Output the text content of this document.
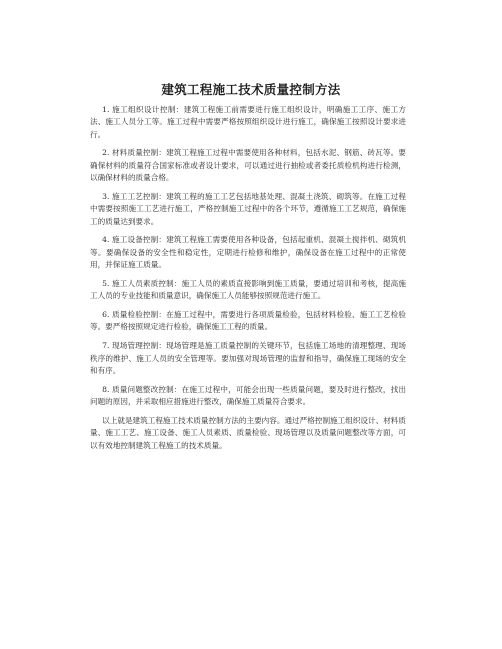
建筑工程施工技术质量控制方法

1. 施工组织设计控制：建筑工程施工前需要进行施工组织设计，明确施工工序、施工方法、施工人员分工等。施工过程中需要严格按照组织设计进行施工，确保施工按照设计要求进行。

2. 材料质量控制：建筑工程施工过程中需要使用各种材料，包括水泥、钢筋、砖瓦等。要确保材料的质量符合国家标准或者设计要求，可以通过进行抽检或者委托质检机构进行检测，以确保材料的质量合格。

3. 施工工艺控制：建筑工程的施工工艺包括地基处理、混凝土浇筑、砌筑等。在施工过程中需要按照施工工艺进行施工，严格控制施工过程中的各个环节，遵循施工工艺规范，确保施工的质量达到要求。

4. 施工设备控制：建筑工程施工需要使用各种设备，包括起重机、混凝土搅拌机、砌筑机等。要确保设备的安全性和稳定性，定期进行检修和维护，确保设备在施工过程中的正常使用，并保证施工质量。

5. 施工人员素质控制：施工人员的素质直接影响到施工质量，要通过培训和考核，提高施工人员的专业技能和质量意识，确保施工人员能够按照规范进行施工。

6. 质量检验控制：在施工过程中，需要进行各项质量检验，包括材料检验、施工工艺检验等。要严格按照规定进行检验，确保施工工程的质量。

7. 现场管理控制：现场管理是施工质量控制的关键环节，包括施工场地的清理整理、现场秩序的维护、施工人员的安全管理等。要加强对现场管理的监督和指导，确保施工现场的安全和有序。

8. 质量问题整改控制：在施工过程中，可能会出现一些质量问题，要及时进行整改，找出问题的原因，并采取相应措施进行整改，确保施工质量符合要求。

以上就是建筑工程施工技术质量控制方法的主要内容。通过严格控制施工组织设计、材料质量、施工工艺、施工设备、施工人员素质、质量检验、现场管理以及质量问题整改等方面，可以有效地控制建筑工程施工的技术质量。
